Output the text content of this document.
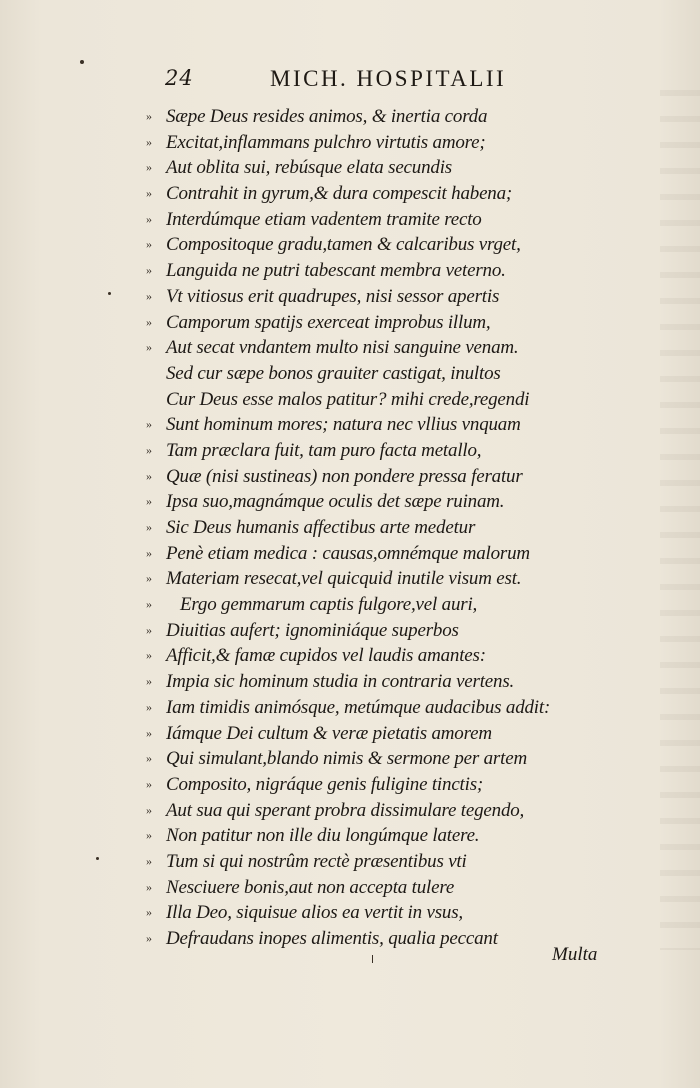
24	MICH. HOSPITALII
» Sæpe Deus resides animos, & inertia corda
» Excitat,inflammans pulchro virtutis amore;
» Aut oblita sui, rebúsque elata secundis
» Contrahit in gyrum,& dura compescit habena;
» Interdúmque etiam vadentem tramite recto
» Compositoque gradu,tamen & calcaribus vrget,
» Languida ne putri tabescant membra veterno.
» Vt vitiosus erit quadrupes, nisi sessor apertis
» Camporum spatijs exerceat improbus illum,
» Aut secat vndantem multo nisi sanguine venam.
Sed cur sæpe bonos grauiter castigat, inultos
Cur Deus esse malos patitur? mihi crede,regendi
» Sunt hominum mores; natura nec vllius vnquam
» Tam præclara fuit, tam puro facta metallo,
» Quæ (nisi sustineas) non pondere pressa feratur
» Ipsa suo,magnámque oculis det sæpe ruinam.
» Sic Deus humanis affectibus arte medetur
» Penè etiam medica : causas,omnémque malorum
» Materiam resecat,vel quicquid inutile visum est.
» Ergo gemmarum captis fulgore,vel auri,
» Diuitias aufert; ignominiáque superbos
» Afficit,& famæ cupidos vel laudis amantes:
» Impia sic hominum studia in contraria vertens.
» Iam timidis animósque, metúmque audacibus addit:
» Iámque Dei cultum & veræ pietatis amorem
» Qui simulant,blando nimis & sermone per artem
» Composito, nigráque genis fuligine tinctis;
» Aut sua qui sperant probra dissimulare tegendo,
» Non patitur non ille diu longúmque latere.
» Tum si qui nostrûm rectè præsentibus vti
» Nesciuere bonis,aut non accepta tulere
» Illa Deo, siquisue alios ea vertit in vsus,
» Defraudans inopes alimentis, qualia peccant
Multa
